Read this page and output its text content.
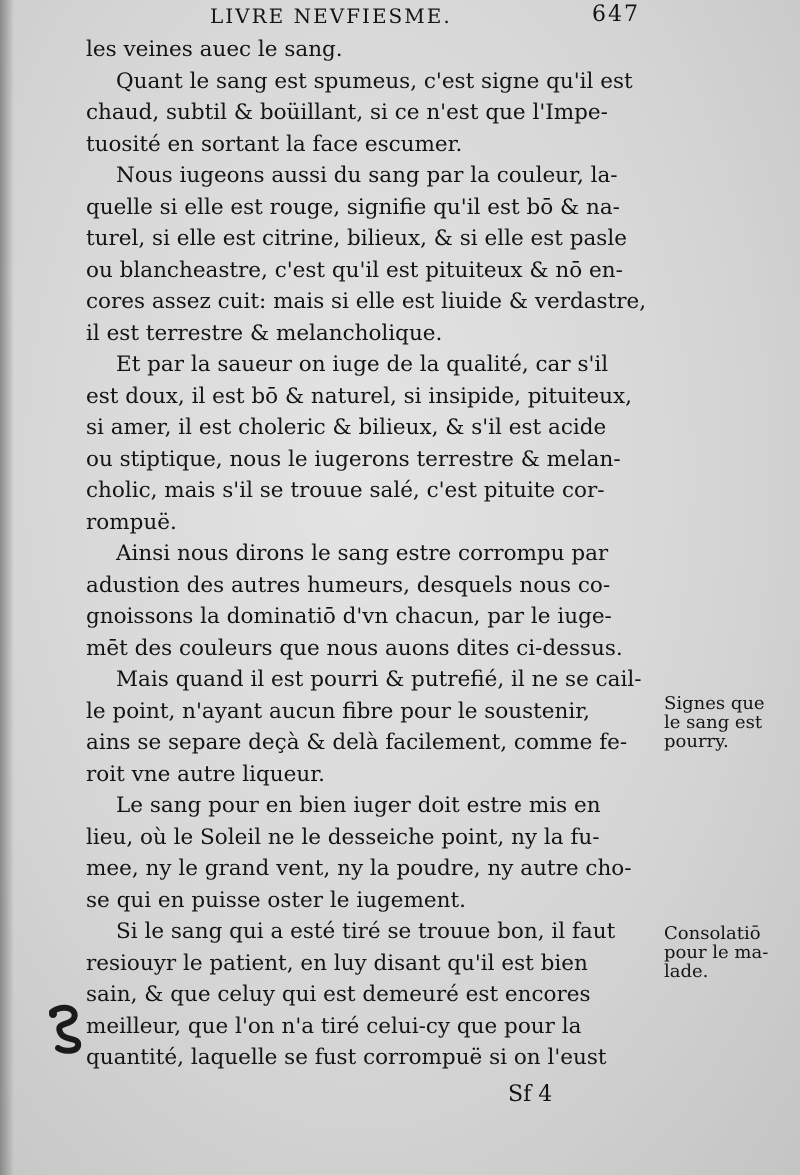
LIVRE NEVFIESME.	647
les veines auec le sang.
Quant le sang est spumeus, c'est signe qu'il est
chaud, subtil & boüillant, si ce n'est que l'Impe-
tuosité en sortant la face escumer.
Nous iugeons aussi du sang par la couleur, la-
quelle si elle est rouge, signifie qu'il est bō & na-
turel, si elle est citrine, bilieux, & si elle est pasle
ou blancheastre, c'est qu'il est pituiteux & nō en-
cores assez cuit: mais si elle est liuide & verdastre,
il est terrestre & melancholique.
Et par la saueur on iuge de la qualité, car s'il
est doux, il est bō & naturel, si insipide, pituiteux,
si amer, il est choleric & bilieux, & s'il est acide
ou stiptique, nous le iugerons terrestre & melan-
cholic, mais s'il se trouue salé, c'est pituite cor-
rompuë.
Ainsi nous dirons le sang estre corrompu par
adustion des autres humeurs, desquels nous co-
gnoissons la dominatiō d'vn chacun, par le iuge-
mēt des couleurs que nous auons dites ci-dessus.
Mais quand il est pourri & putrefié, il ne se cail-
le point, n'ayant aucun fibre pour le soustenir,
ains se separe deçà & delà facilement, comme fe-
roit vne autre liqueur.
Le sang pour en bien iuger doit estre mis en
lieu, où le Soleil ne le desseiche point, ny la fu-
mee, ny le grand vent, ny la poudre, ny autre cho-
se qui en puisse oster le iugement.
Si le sang qui a esté tiré se trouue bon, il faut
resiouyr le patient, en luy disant qu'il est bien
sain, & que celuy qui est demeuré est encores
meilleur, que l'on n'a tiré celui-cy que pour la
quantité, laquelle se fust corrompuë si on l'eust
Signes que
le sang est
pourry.
Consolatiō
pour le ma-
lade.
Sf 4
